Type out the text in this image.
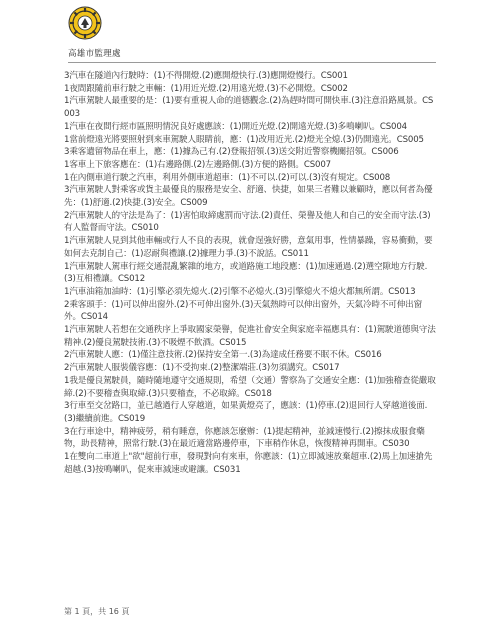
高雄市監理處

3汽車在隧道內行駛時：(1)不得開燈.(2)應開燈快行.(3)應開燈慢行。CS001

1夜間跟隨前車行駛之車輛：(1)用近光燈.(2)用遠光燈.(3)不必開燈。CS002

1汽車駕駛人最重要的是：(1)要有重視人命的道德觀念.(2)為趕時間可開快車.(3)注意沿路風景。CS003

1汽車在夜間行經市區照明情況良好處應該：(1)開近光燈.(2)開遠光燈.(3)多鳴喇叭。CS004

1當前燈遠光將要照射到來車駕駛人眼睛前，應：(1)改用近光.(2)燈光全熄.(3)仍開遠光。CS005

3乘客遺留物品在車上，應：(1)據為己有.(2)登報招領.(3)送交附近警察機關招領。CS006

1客車上下旅客應在：(1)右邊路側.(2)左邊路側.(3)方便的路側。CS007

1在內側車道行駛之汽車，利用外側車道超車：(1)不可以.(2)可以.(3)沒有規定。CS008

3汽車駕駛人對乘客或貨主最優良的服務是安全、舒適、快捷，如果三者難以兼顧時，應以何者為優先：(1)舒適.(2)快捷.(3)安全。CS009

2汽車駕駛人的守法是為了：(1)害怕取締處罰而守法.(2)責任、榮譽及他人和自己的安全而守法.(3)有人監督而守法。CS010

1汽車駕駛人見到其他車輛或行人不良的表現，就會逞強好勝，意氣用事，性情暴躁，容易衝動，要如何去克制自己：(1)忍耐與禮讓.(2)據理力爭.(3)不說話。CS011

1汽車駕駛人駕車行經交通混亂繁雜的地方，或道路施工地段應：(1)加速通過.(2)選空隙地方行駛.(3)互相禮讓。CS012

1汽車油箱加油時：(1)引擎必須先熄火.(2)引擎不必熄火.(3)引擎熄火不熄火都無所謂。CS013

2乘客頭手：(1)可以伸出窗外.(2)不可伸出窗外.(3)天氣熱時可以伸出窗外，天氣冷時不可伸出窗外。CS014

1汽車駕駛人若想在交通秩序上爭取國家榮譽，促進社會安全與家庭幸福應具有：(1)駕駛道德與守法精神.(2)優良駕駛技術.(3)不吸煙不飲酒。CS015

2汽車駕駛人應：(1)僅注意技術.(2)保持安全第一.(3)為達成任務要不眠不休。CS016

2汽車駕駛人服裝儀容應：(1)不受拘束.(2)整潔端莊.(3)勿須講究。CS017

1我是優良駕駛員，隨時隨地遵守交通規則，希望（交通）警察為了交通安全應：(1)加強稽查從嚴取締.(2)不要稽查與取締.(3)只要稽查，不必取締。CS018

3行車至交岔路口，並已越過行人穿越道，如果黃燈亮了，應該：(1)停車.(2)退回行人穿越道後面.(3)繼續前進。CS019

3在行車途中，精神疲勞，稍有睡意，你應該怎麼辦：(1)提起精神，並減速慢行.(2)擦抹成服食藥物，助長精神，照常行駛.(3)在最近適當路邊停車，下車稍作休息，恢復精神再開車。CS030

1在雙向二車道上"欲"超前行車，發現對向有來車，你應該：(1)立即減速放棄超車.(2)馬上加速搶先超越.(3)按鳴喇叭，促來車減速或避讓。CS031

第 1 頁，共 16 頁
